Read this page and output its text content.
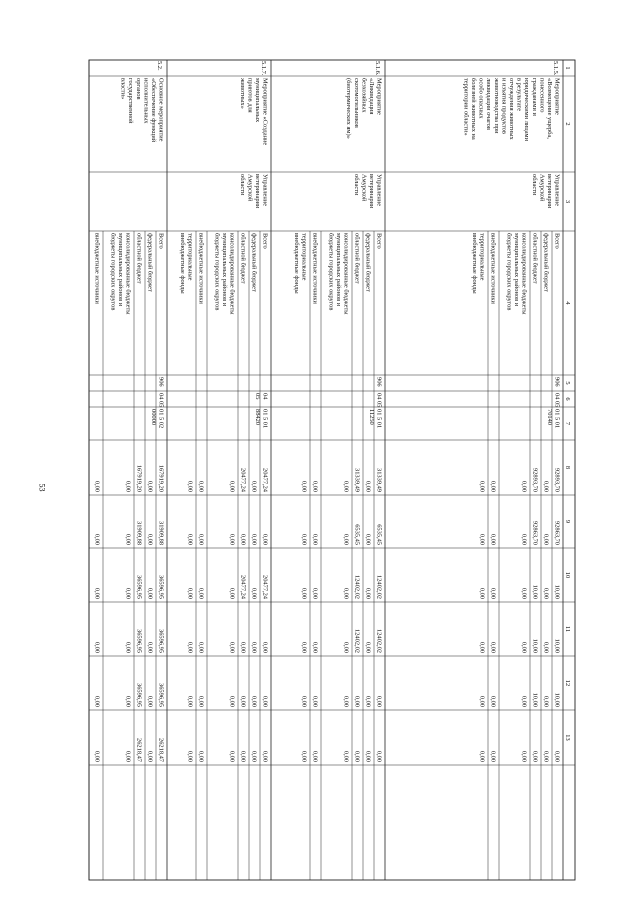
53
1
2
3
4
5
6
7
8
9
10
11
12
13
5.1.5.
Мероприятие
«Возмещение ущерба,
понесенного
гражданами и
юридическими лицами
в результате
отчуждения животных
и изъятия продуктов
животноводства при
ликвидации очагов
особо опасных
болезней животных на
территории области»
Управление
ветеринарии
Амурской
области
906
04 05
01 5 01
70140
Всего
92893,70
92863,70
10,00
10,00
10,00
0,00
федеральный бюджет
0,00
0,00
0,00
0,00
0,00
0,00
областной бюджет
92893,70
92863,70
10,00
10,00
10,00
0,00
консолидированные бюджеты
муниципальных районов и
бюджеты городских округов
0,00
0,00
0,00
0,00
0,00
0,00
внебюджетные источники
0,00
0,00
0,00
0,00
0,00
0,00
территориальные
внебюджетные фонды
0,00
0,00
0,00
0,00
0,00
0,00
5.1.6.
Мероприятие
«Ликвидация
безхозяйных
скотомогильников
(биотермических ям)»
Управление
ветеринарии
Амурской
области
906
04 05
01 5 01
11250
Всего
31339,49
6535,45
12402,02
12402,02
0,00
0,00
федеральный бюджет
0,00
0,00
0,00
0,00
0,00
0,00
областной бюджет
31339,49
6535,45
12402,02
12402,02
0,00
0,00
консолидированные бюджеты
муниципальных районов и
бюджеты городских округов
0,00
0,00
0,00
0,00
0,00
0,00
внебюджетные источники
0,00
0,00
0,00
0,00
0,00
0,00
территориальные
внебюджетные фонды
0,00
0,00
0,00
0,00
0,00
0,00
5.1.7.
Мероприятие «Создание
муниципальных
приютов для
животных»
Управление
ветеринарии
Амурской
области
04
05
01 5 01
88420
Всего
20477,24
0,00
20477,24
0,00
0,00
0,00
федеральный бюджет
0,00
0,00
0,00
0,00
0,00
0,00
областной бюджет
20477,24
0,00
20477,24
0,00
0,00
0,00
консолидированные бюджеты
муниципальных районов и
бюджеты городских округов
0,00
0,00
0,00
0,00
0,00
0,00
внебюджетные источники
0,00
0,00
0,00
0,00
0,00
0,00
территориальные
внебюджетные фонды
0,00
0,00
0,00
0,00
0,00
0,00
5.2.
Основное мероприятие
«Обеспечение функций
исполнительных
органов
государственной
власти»
906
04 05
01 5 02
00000
Всего
167919,20
31909,88
36596,95
36596,95
36596,95
26218,47
федеральный бюджет
0,00
0,00
0,00
0,00
0,00
0,00
областной бюджет
167919,20
31909,88
36596,95
36596,95
36596,95
26218,47
консолидированные бюджеты
муниципальных районов и
бюджеты городских округов
0,00
0,00
0,00
0,00
0,00
0,00
внебюджетные источники
0,00
0,00
0,00
0,00
0,00
0,00
